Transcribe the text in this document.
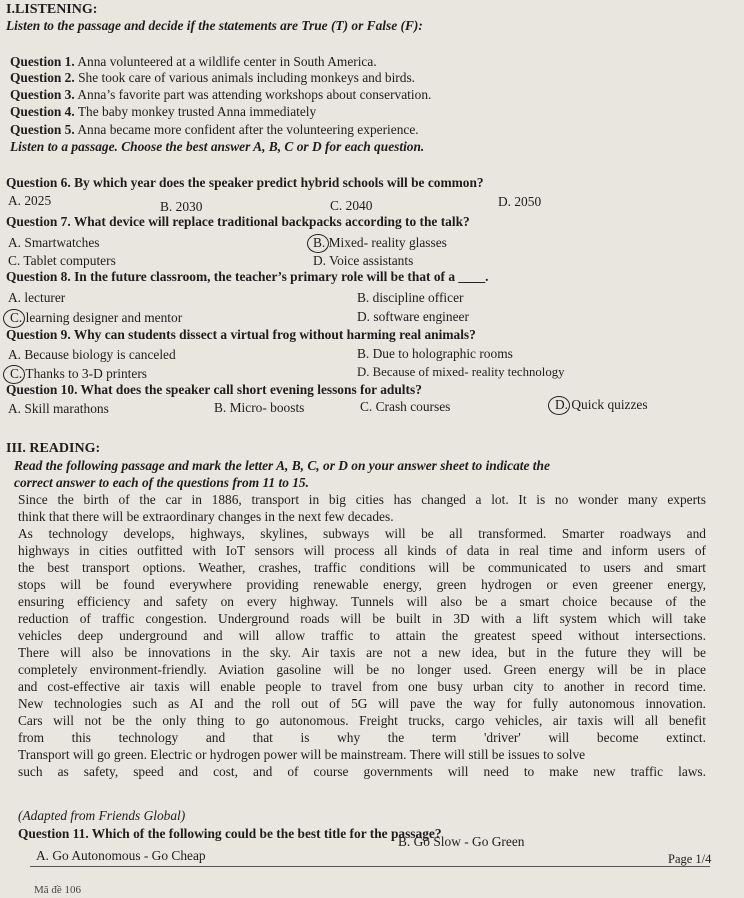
I.LISTENING:
Listen to the passage and decide if the statements are True (T) or False (F):
Question 1. Anna volunteered at a wildlife center in South America.
Question 2. She took care of various animals including monkeys and birds.
Question 3. Anna’s favorite part was attending workshops about conservation.
Question 4. The baby monkey trusted Anna immediately
Question 5. Anna became more confident after the volunteering experience.
Listen to a passage. Choose the best answer A, B, C or D for each question.
Question 6. By which year does the speaker predict hybrid schools will be common?
A. 2025	B. 2030	C. 2040	D. 2050
Question 7. What device will replace traditional backpacks according to the talk?
A. Smartwatches	B. Mixed- reality glasses
C. Tablet computers	D. Voice assistants
Question 8. In the future classroom, the teacher’s primary role will be that of a ____.
A. lecturer	B. discipline officer
C. learning designer and mentor	D. software engineer
Question 9. Why can students dissect a virtual frog without harming real animals?
A. Because biology is canceled	B. Due to holographic rooms
C. Thanks to 3-D printers	D. Because of mixed- reality technology
Question 10. What does the speaker call short evening lessons for adults?
A. Skill marathons	B. Micro- boosts	C. Crash courses	D. Quick quizzes
III. READING:
Read the following passage and mark the letter A, B, C, or D on your answer sheet to indicate the
correct answer to each of the questions from 11 to 15.
Since the birth of the car in 1886, transport in big cities has changed a lot. It is no wonder many experts
think that there will be extraordinary changes in the next few decades.
As technology develops, highways, skylines, subways will be all transformed. Smarter roadways and
highways in cities outfitted with IoT sensors will process all kinds of data in real time and inform users of
the best transport options. Weather, crashes, traffic conditions will be communicated to users and smart
stops will be found everywhere providing renewable energy, green hydrogen or even greener energy,
ensuring efficiency and safety on every highway. Tunnels will also be a smart choice because of the
reduction of traffic congestion. Underground roads will be built in 3D with a lift system which will take
vehicles deep underground and will allow traffic to attain the greatest speed without intersections.
There will also be innovations in the sky. Air taxis are not a new idea, but in the future they will be
completely environment-friendly. Aviation gasoline will be no longer used. Green energy will be in place
and cost-effective air taxis will enable people to travel from one busy urban city to another in record time.
New technologies such as AI and the roll out of 5G will pave the way for fully autonomous innovation.
Cars will not be the only thing to go autonomous. Freight trucks, cargo vehicles, air taxis will all benefit
from this technology and that is why the term 'driver' will become extinct.
Transport will go green. Electric or hydrogen power will be mainstream. There will still be issues to solve
such as safety, speed and cost, and of course governments will need to make new traffic laws.
(Adapted from Friends Global)
Question 11. Which of the following could be the best title for the passage?
A. Go Autonomous - Go Cheap
B. Go Slow - Go Green
Page 1/4
Mã đề 106
